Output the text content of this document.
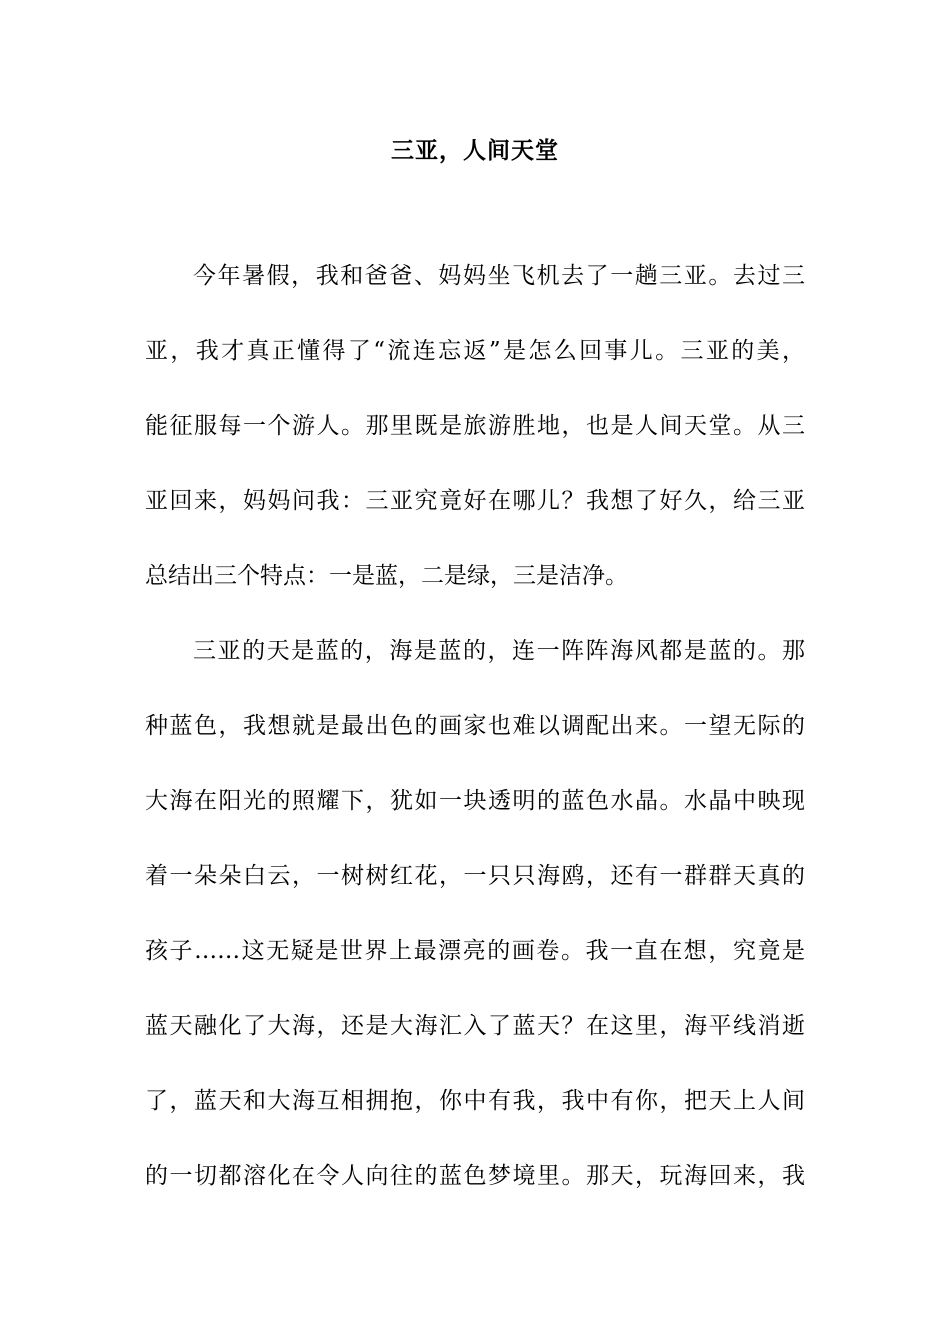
三亚，人间天堂
今年暑假，我和爸爸、妈妈坐飞机去了一趟三亚。去过三
亚，我才真正懂得了“流连忘返”是怎么回事儿。三亚的美，
能征服每一个游人。那里既是旅游胜地，也是人间天堂。从三
亚回来，妈妈问我：三亚究竟好在哪儿？我想了好久，给三亚
总结出三个特点：一是蓝，二是绿，三是洁净。
三亚的天是蓝的，海是蓝的，连一阵阵海风都是蓝的。那
种蓝色，我想就是最出色的画家也难以调配出来。一望无际的
大海在阳光的照耀下，犹如一块透明的蓝色水晶。水晶中映现
着一朵朵白云，一树树红花，一只只海鸥，还有一群群天真的
孩子……这无疑是世界上最漂亮的画卷。我一直在想，究竟是
蓝天融化了大海，还是大海汇入了蓝天？在这里，海平线消逝
了，蓝天和大海互相拥抱，你中有我，我中有你，把天上人间
的一切都溶化在令人向往的蓝色梦境里。那天，玩海回来，我
